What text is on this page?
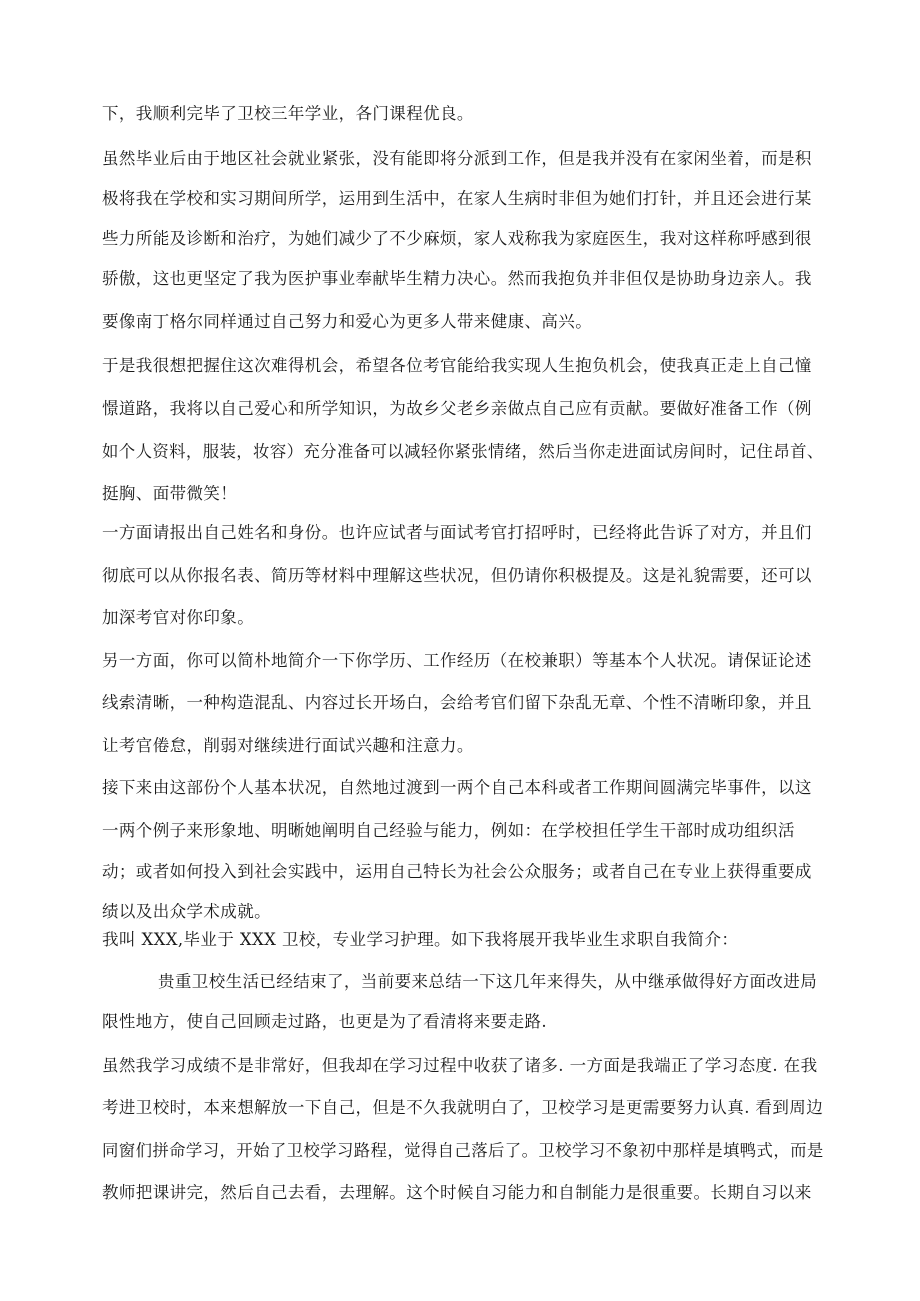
下，我顺利完毕了卫校三年学业，各门课程优良。
虽然毕业后由于地区社会就业紧张，没有能即将分派到工作，但是我并没有在家闲坐着，而是积
极将我在学校和实习期间所学，运用到生活中，在家人生病时非但为她们打针，并且还会进行某
些力所能及诊断和治疗，为她们减少了不少麻烦，家人戏称我为家庭医生，我对这样称呼感到很
骄傲，这也更坚定了我为医护事业奉献毕生精力决心。然而我抱负并非但仅是协助身边亲人。我
要像南丁格尔同样通过自己努力和爱心为更多人带来健康、高兴。
于是我很想把握住这次难得机会，希望各位考官能给我实现人生抱负机会，使我真正走上自己憧
憬道路，我将以自己爱心和所学知识，为故乡父老乡亲做点自己应有贡献。要做好准备工作（例
如个人资料，服装，妆容）充分准备可以减轻你紧张情绪，然后当你走进面试房间时，记住昂首、
挺胸、面带微笑！
一方面请报出自己姓名和身份。也许应试者与面试考官打招呼时，已经将此告诉了对方，并且们
彻底可以从你报名表、简历等材料中理解这些状况，但仍请你积极提及。这是礼貌需要，还可以
加深考官对你印象。
另一方面，你可以简朴地简介一下你学历、工作经历（在校兼职）等基本个人状况。请保证论述
线索清晰，一种构造混乱、内容过长开场白，会给考官们留下杂乱无章、个性不清晰印象，并且
让考官倦怠，削弱对继续进行面试兴趣和注意力。
接下来由这部份个人基本状况，自然地过渡到一两个自己本科或者工作期间圆满完毕事件，以这
一两个例子来形象地、明晰她阐明自己经验与能力，例如：在学校担任学生干部时成功组织活
动；或者如何投入到社会实践中，运用自己特长为社会公众服务；或者自己在专业上获得重要成
绩以及出众学术成就。
我叫 XXX,毕业于 XXX 卫校，专业学习护理。如下我将展开我毕业生求职自我简介：
贵重卫校生活已经结束了，当前要来总结一下这几年来得失，从中继承做得好方面改进局
限性地方，使自己回顾走过路，也更是为了看清将来要走路.
虽然我学习成绩不是非常好，但我却在学习过程中收获了诸多. 一方面是我端正了学习态度. 在我
考进卫校时，本来想解放一下自己，但是不久我就明白了，卫校学习是更需要努力认真. 看到周边
同窗们拼命学习，开始了卫校学习路程，觉得自己落后了。卫校学习不象初中那样是填鸭式，而是
教师把课讲完，然后自己去看，去理解。这个时候自习能力和自制能力是很重要。长期自习以来
